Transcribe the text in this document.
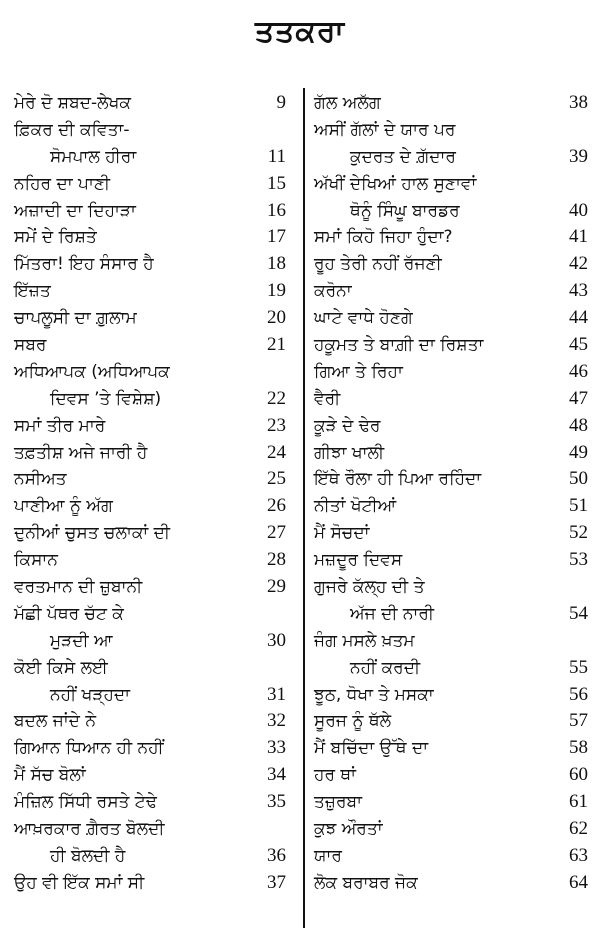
ਤਤਕਰਾ
ਮੇਰੇ ਦੋ ਸ਼ਬਦ-ਲੇਖਕ	9
ਫ਼ਿਕਰ ਦੀ ਕਵਿਤਾ-
ਸੋਮਪਾਲ ਹੀਰਾ	11
ਨਹਿਰ ਦਾ ਪਾਣੀ	15
ਅਜ਼ਾਦੀ ਦਾ ਦਿਹਾੜਾ	16
ਸਮੇਂ ਦੇ ਰਿਸ਼ਤੇ	17
ਮਿੱਤਰਾ! ਇਹ ਸੰਸਾਰ ਹੈ	18
ਇੱਜ਼ਤ	19
ਚਾਪਲੂਸੀ ਦਾ ਗ਼ੁਲਾਮ	20
ਸਬਰ	21
ਅਧਿਆਪਕ (ਅਧਿਆਪਕ
ਦਿਵਸ ’ਤੇ ਵਿਸ਼ੇਸ਼)	22
ਸਮਾਂ ਤੀਰ ਮਾਰੇ	23
ਤਫ਼ਤੀਸ਼ ਅਜੇ ਜਾਰੀ ਹੈ	24
ਨਸੀਅਤ	25
ਪਾਣੀਆ ਨੂੰ ਅੱਗ	26
ਦੁਨੀਆਂ ਚੁਸਤ ਚਲਾਕਾਂ ਦੀ	27
ਕਿਸਾਨ	28
ਵਰਤਮਾਨ ਦੀ ਜ਼ੁਬਾਨੀ	29
ਮੱਛੀ ਪੱਥਰ ਚੱਟ ਕੇ
ਮੁੜਦੀ ਆ	30
ਕੋਈ ਕਿਸੇ ਲਈ
ਨਹੀਂ ਖੜ੍ਹਦਾ	31
ਬਦਲ ਜਾਂਦੇ ਨੇ	32
ਗਿਆਨ ਧਿਆਨ ਹੀ ਨਹੀਂ	33
ਮੈਂ ਸੱਚ ਬੋਲਾਂ	34
ਮੰਜ਼ਿਲ ਸਿੱਧੀ ਰਸਤੇ ਟੇਢੇ	35
ਆਖ਼ਰਕਾਰ ਗ਼ੈਰਤ ਬੋਲਦੀ
ਹੀ ਬੋਲਦੀ ਹੈ	36
ਉਹ ਵੀ ਇੱਕ ਸਮਾਂ ਸੀ	37
ਗੱਲ ਅਲੱਗ	38
ਅਸੀਂ ਗੱਲਾਂ ਦੇ ਯਾਰ ਪਰ
ਕੁਦਰਤ ਦੇ ਗ਼ੱਦਾਰ	39
ਅੱਖੀਂ ਦੇਖਿਆਂ ਹਾਲ ਸੁਣਾਵਾਂ
ਥੋਨੂੰ ਸਿੰਘੂ ਬਾਰਡਰ	40
ਸਮਾਂ ਕਿਹੋ ਜਿਹਾ ਹੁੰਦਾ?	41
ਰੂਹ ਤੇਰੀ ਨਹੀਂ ਰੱਜਣੀ	42
ਕਰੋਨਾ	43
ਘਾਟੇ ਵਾਧੇ ਹੋਣਗੇ	44
ਹਕੂਮਤ ਤੇ ਬਾਗ਼ੀ ਦਾ ਰਿਸ਼ਤਾ	45
ਗਿਆ ਤੇ ਰਿਹਾ	46
ਵੈਰੀ	47
ਕੂੜੇ ਦੇ ਢੇਰ	48
ਗੀਝਾ ਖਾਲੀ	49
ਇੱਥੇ ਰੌਲਾ ਹੀ ਪਿਆ ਰਹਿੰਦਾ	50
ਨੀਤਾਂ ਖੋਟੀਆਂ	51
ਮੈਂ ਸੋਚਦਾਂ	52
ਮਜ਼ਦੂਰ ਦਿਵਸ	53
ਗੁਜਰੇ ਕੱਲ੍ਹ ਦੀ ਤੇ
ਅੱਜ ਦੀ ਨਾਰੀ	54
ਜੰਗ ਮਸਲੇ ਖ਼ਤਮ
ਨਹੀਂ ਕਰਦੀ	55
ਝੂਠ, ਧੋਖਾ ਤੇ ਮਸਕਾ	56
ਸੂਰਜ ਨੂੰ ਥੱਲੇ	57
ਮੈਂ ਬਚਿੱਦਾ ਉੱਥੇ ਦਾ	58
ਹਰ ਥਾਂ	60
ਤਜ਼ੁਰਬਾ	61
ਕੁਝ ਔਰਤਾਂ	62
ਯਾਰ	63
ਲੋਕ ਬਰਾਬਰ ਜੋਕ	64
